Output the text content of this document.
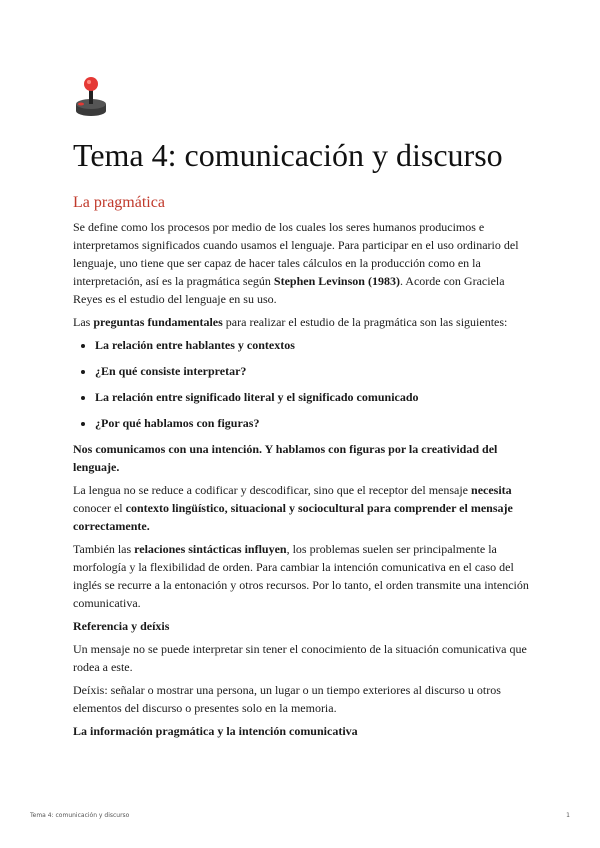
Tema 4: comunicación y discurso
La pragmática

Se define como los procesos por medio de los cuales los seres humanos producimos e interpretamos significados cuando usamos el lenguaje. Para participar en el uso ordinario del lenguaje, uno tiene que ser capaz de hacer tales cálculos en la producción como en la interpretación, así es la pragmática según Stephen Levinson (1983). Acorde con Graciela Reyes es el estudio del lenguaje en su uso.

Las preguntas fundamentales para realizar el estudio de la pragmática son las siguientes:

• La relación entre hablantes y contextos
• ¿En qué consiste interpretar?
• La relación entre significado literal y el significado comunicado
• ¿Por qué hablamos con figuras?

Nos comunicamos con una intención. Y hablamos con figuras por la creatividad del lenguaje.

La lengua no se reduce a codificar y descodificar, sino que el receptor del mensaje necesita conocer el contexto lingüístico, situacional y sociocultural para comprender el mensaje correctamente.

También las relaciones sintácticas influyen, los problemas suelen ser principalmente la morfología y la flexibilidad de orden. Para cambiar la intención comunicativa en el caso del inglés se recurre a la entonación y otros recursos. Por lo tanto, el orden transmite una intención comunicativa.

Referencia y deíxis

Un mensaje no se puede interpretar sin tener el conocimiento de la situación comunicativa que rodea a este.

Deíxis: señalar o mostrar una persona, un lugar o un tiempo exteriores al discurso u otros elementos del discurso o presentes solo en la memoria.

La información pragmática y la intención comunicativa

Tema 4: comunicación y discurso	1
